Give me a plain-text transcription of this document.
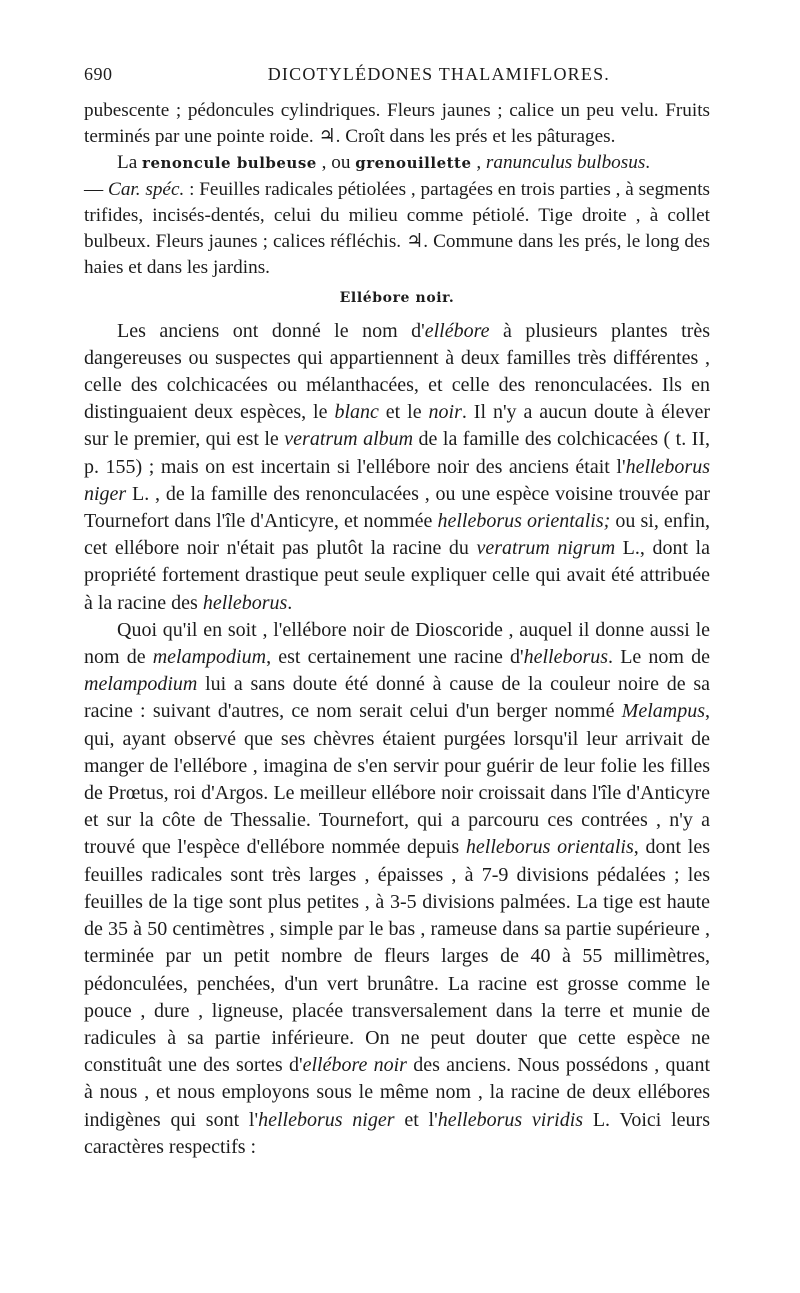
690	DICOTYLÉDONES THALAMIFLORES.

pubescente ; pédoncules cylindriques. Fleurs jaunes ; calice un peu velu. Fruits terminés par une pointe roide. ♃. Croît dans les prés et les pâturages.

La renoncule bulbeuse , ou grenouillette , ranunculus bulbosus.
— Car. spéc. : Feuilles radicales pétiolées , partagées en trois parties , à segments trifides, incisés-dentés, celui du milieu comme pétiolé. Tige droite , à collet bulbeux. Fleurs jaunes ; calices réfléchis. ♃. Commune dans les prés, le long des haies et dans les jardins.

Ellébore noir.

Les anciens ont donné le nom d'ellébore à plusieurs plantes très dangereuses ou suspectes qui appartiennent à deux familles très différentes , celle des colchicacées ou mélanthacées, et celle des renonculacées. Ils en distinguaient deux espèces, le blanc et le noir. Il n'y a aucun doute à élever sur le premier, qui est le veratrum album de la famille des colchicacées ( t. II, p. 155) ; mais on est incertain si l'ellébore noir des anciens était l'helleborus niger L. , de la famille des renonculacées , ou une espèce voisine trouvée par Tournefort dans l'île d'Anticyre, et nommée helleborus orientalis; ou si, enfin, cet ellébore noir n'était pas plutôt la racine du veratrum nigrum L., dont la propriété fortement drastique peut seule expliquer celle qui avait été attribuée à la racine des helleborus.

Quoi qu'il en soit , l'ellébore noir de Dioscoride , auquel il donne aussi le nom de melampodium, est certainement une racine d'helleborus. Le nom de melampodium lui a sans doute été donné à cause de la couleur noire de sa racine : suivant d'autres, ce nom serait celui d'un berger nommé Melampus, qui, ayant observé que ses chèvres étaient purgées lorsqu'il leur arrivait de manger de l'ellébore , imagina de s'en servir pour guérir de leur folie les filles de Prœtus, roi d'Argos. Le meilleur ellébore noir croissait dans l'île d'Anticyre et sur la côte de Thessalie. Tournefort, qui a parcouru ces contrées , n'y a trouvé que l'espèce d'ellébore nommée depuis helleborus orientalis, dont les feuilles radicales sont très larges , épaisses , à 7-9 divisions pédalées ; les feuilles de la tige sont plus petites , à 3-5 divisions palmées. La tige est haute de 35 à 50 centimètres , simple par le bas , rameuse dans sa partie supérieure , terminée par un petit nombre de fleurs larges de 40 à 55 millimètres, pédonculées, penchées, d'un vert brunâtre. La racine est grosse comme le pouce , dure , ligneuse, placée transversalement dans la terre et munie de radicules à sa partie inférieure. On ne peut douter que cette espèce ne constituât une des sortes d'ellébore noir des anciens. Nous possédons , quant à nous , et nous employons sous le même nom , la racine de deux ellébores indigènes qui sont l'helleborus niger et l'helleborus viridis L. Voici leurs caractères respectifs :
